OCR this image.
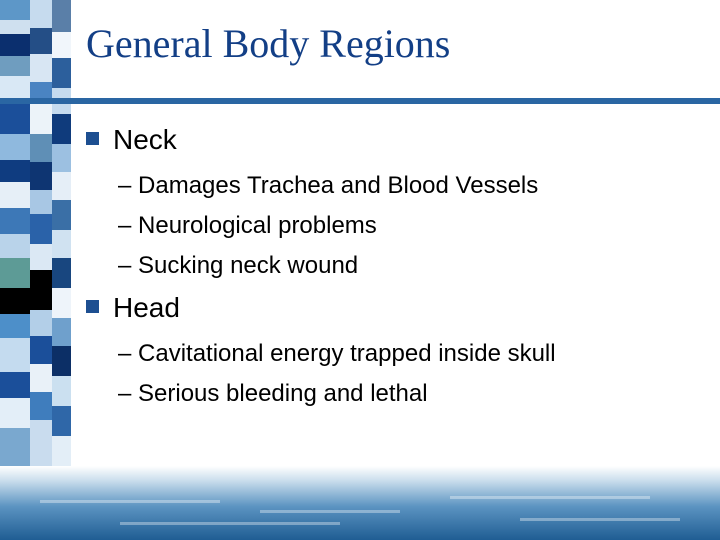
General Body Regions
Neck
– Damages Trachea and Blood Vessels
– Neurological problems
– Sucking neck wound
Head
– Cavitational energy trapped inside skull
– Serious bleeding and lethal
